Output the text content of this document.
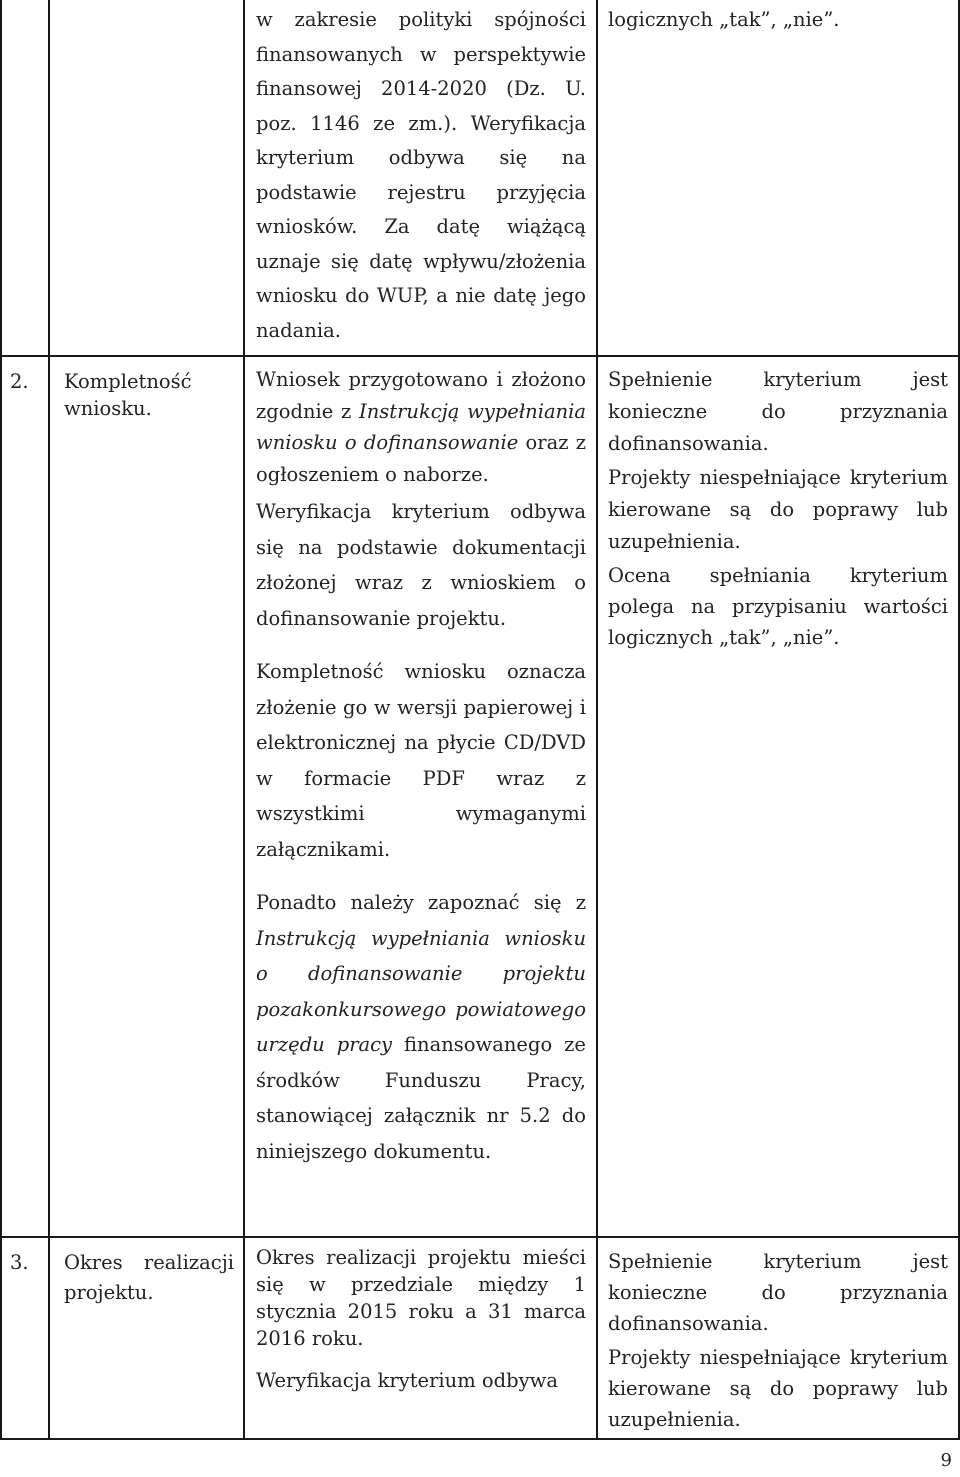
w zakresie polityki spójności finansowanych w perspektywie finansowej 2014-2020 (Dz. U. poz. 1146 ze zm.). Weryfikacja kryterium odbywa się na podstawie rejestru przyjęcia wniosków. Za datę wiążącą uznaje się datę wpływu/złożenia wniosku do WUP, a nie datę jego nadania.

logicznych „tak”, „nie”.

2. Kompletność wniosku.

Wniosek przygotowano i złożono zgodnie z Instrukcją wypełniania wniosku o dofinansowanie oraz z ogłoszeniem o naborze.

Weryfikacja kryterium odbywa się na podstawie dokumentacji złożonej wraz z wnioskiem o dofinansowanie projektu.

Kompletność wniosku oznacza złożenie go w wersji papierowej i elektronicznej na płycie CD/DVD w formacie PDF wraz z wszystkimi wymaganymi załącznikami.

Ponadto należy zapoznać się z Instrukcją wypełniania wniosku o dofinansowanie projektu pozakonkursowego powiatowego urzędu pracy finansowanego ze środków Funduszu Pracy, stanowiącej załącznik nr 5.2 do niniejszego dokumentu.

Spełnienie kryterium jest konieczne do przyznania dofinansowania.

Projekty niespełniające kryterium kierowane są do poprawy lub uzupełnienia.

Ocena spełniania kryterium polega na przypisaniu wartości logicznych „tak”, „nie”.

3. Okres realizacji projektu.

Okres realizacji projektu mieści się w przedziale między 1 stycznia 2015 roku a 31 marca 2016 roku.

Weryfikacja kryterium odbywa

Spełnienie kryterium jest konieczne do przyznania dofinansowania.

Projekty niespełniające kryterium kierowane są do poprawy lub uzupełnienia.

9
